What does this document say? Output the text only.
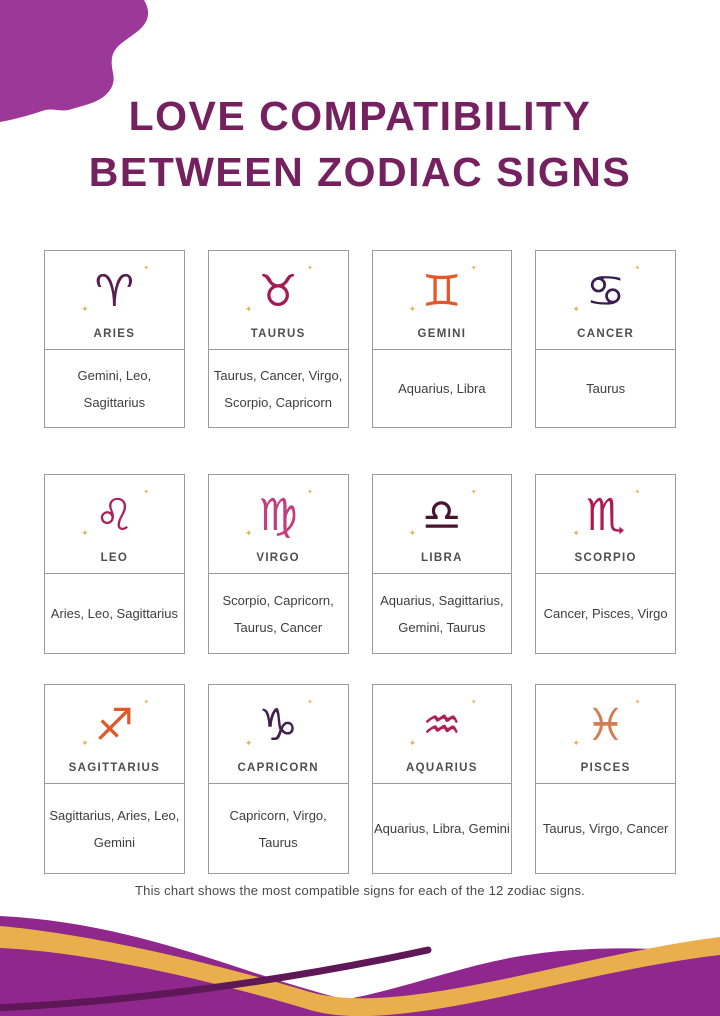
LOVE COMPATIBILITY
BETWEEN ZODIAC SIGNS
✦ ♈ ✦
ARIES
Gemini, Leo, Sagittarius
✦ ♉ ✦
TAURUS
Taurus, Cancer, Virgo, Scorpio, Capricorn
✦ ♊ ✦
GEMINI
Aquarius, Libra
✦ ♋ ✦
CANCER
Taurus
✦ ♌ ✦
LEO
Aries, Leo, Sagittarius
✦ ♍ ✦
VIRGO
Scorpio, Capricorn, Taurus, Cancer
✦ ♎ ✦
LIBRA
Aquarius, Sagittarius, Gemini, Taurus
✦ ♏ ✦
SCORPIO
Cancer, Pisces, Virgo
✦ ♐ ✦
SAGITTARIUS
Sagittarius, Aries, Leo, Gemini
✦ ♑ ✦
CAPRICORN
Capricorn, Virgo, Taurus
✦ ♒ ✦
AQUARIUS
Aquarius, Libra, Gemini
✦ ♓ ✦
PISCES
Taurus, Virgo, Cancer
This chart shows the most compatible signs for each of the 12 zodiac signs.
